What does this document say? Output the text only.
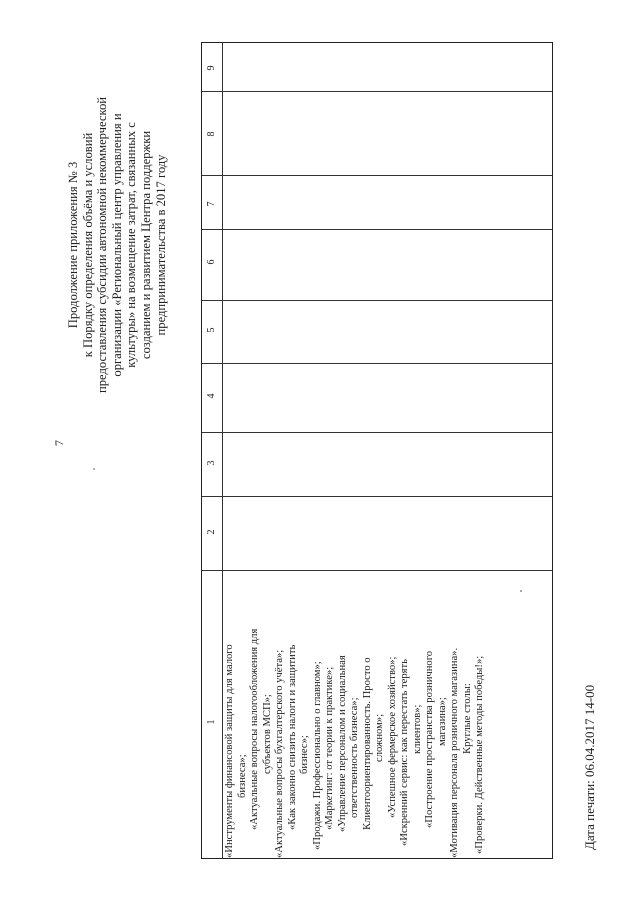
7
Продолжение приложения № 3 к Порядку определения объёма и условий предоставления субсидии автономной некоммерческой организации «Региональный центр управления и культуры» на возмещение затрат, связанных с созданием и развитием Центра поддержки предпринимательства в 2017 году
1
2
3
4
5
6
7
8
9
«Инструменты финансовой защиты для малого бизнеса»; «Актуальные вопросы налогообложения для субъектов МСП»; «Актуальные вопросы бухгалтерского учёта»; «Как законно снизить налоги и защитить бизнес»; «Продажи. Профессионально о главном»; «Маркетинг: от теории к практике»; «Управление персоналом и социальная ответственность бизнеса»; Клиентоориентированность. Просто о сложном»; «Успешное фермерское хозяйство»; «Искренний сервис: как перестать терять клиентов»; «Построение пространства розничного магазина»; «Мотивация персонала розничного магазина». Круглые столы: «Проверки. Действенные методы победы!»;	Дата печати: 06.04.2017 14-00
